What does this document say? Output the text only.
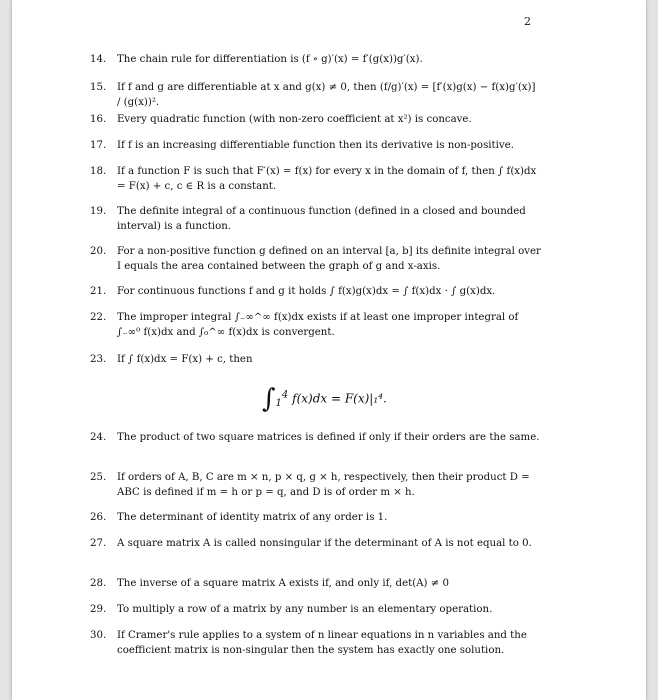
2
14.	The chain rule for differentiation is (f ∘ g)′(x) = f′(g(x))g′(x).
15.	If f and g are differentiable at x and g(x) ≠ 0, then (f/g)′(x) = [f′(x)g(x) − f(x)g′(x)] / (g(x))².
16.	Every quadratic function (with non-zero coefficient at x²) is concave.
17.	If f is an increasing differentiable function then its derivative is non-positive.
18.	If a function F is such that F′(x) = f(x) for every x in the domain of f, then ∫ f(x)dx = F(x) + c, c ∈ R is a constant.
19.	The definite integral of a continuous function (defined in a closed and bounded interval) is a function.
20.	For a non-positive function g defined on an interval [a, b] its definite integral over I equals the area contained between the graph of g and x-axis.
21.	For continuous functions f and g it holds ∫ f(x)g(x)dx = ∫ f(x)dx · ∫ g(x)dx.
22.	The improper integral ∫₋∞^∞ f(x)dx exists if at least one improper integral of ∫₋∞⁰ f(x)dx and ∫₀^∞ f(x)dx is convergent.
23.	If ∫ f(x)dx = F(x) + c, then
$\int_1^4$ f(x)dx = F(x)|₁⁴.
24.	The product of two square matrices is defined if only if their orders are the same.
25.	If orders of A, B, C are m × n, p × q, g × h, respectively, then their product D = ABC is defined if m = h or p = q, and D is of order m × h.
26.	The determinant of identity matrix of any order is 1.
27.	A square matrix A is called nonsingular if the determinant of A is not equal to 0.
28.	The inverse of a square matrix A exists if, and only if, det(A) ≠ 0
29.	To multiply a row of a matrix by any number is an elementary operation.
30.	If Cramer's rule applies to a system of n linear equations in n variables and the coefficient matrix is non-singular then the system has exactly one solution.
